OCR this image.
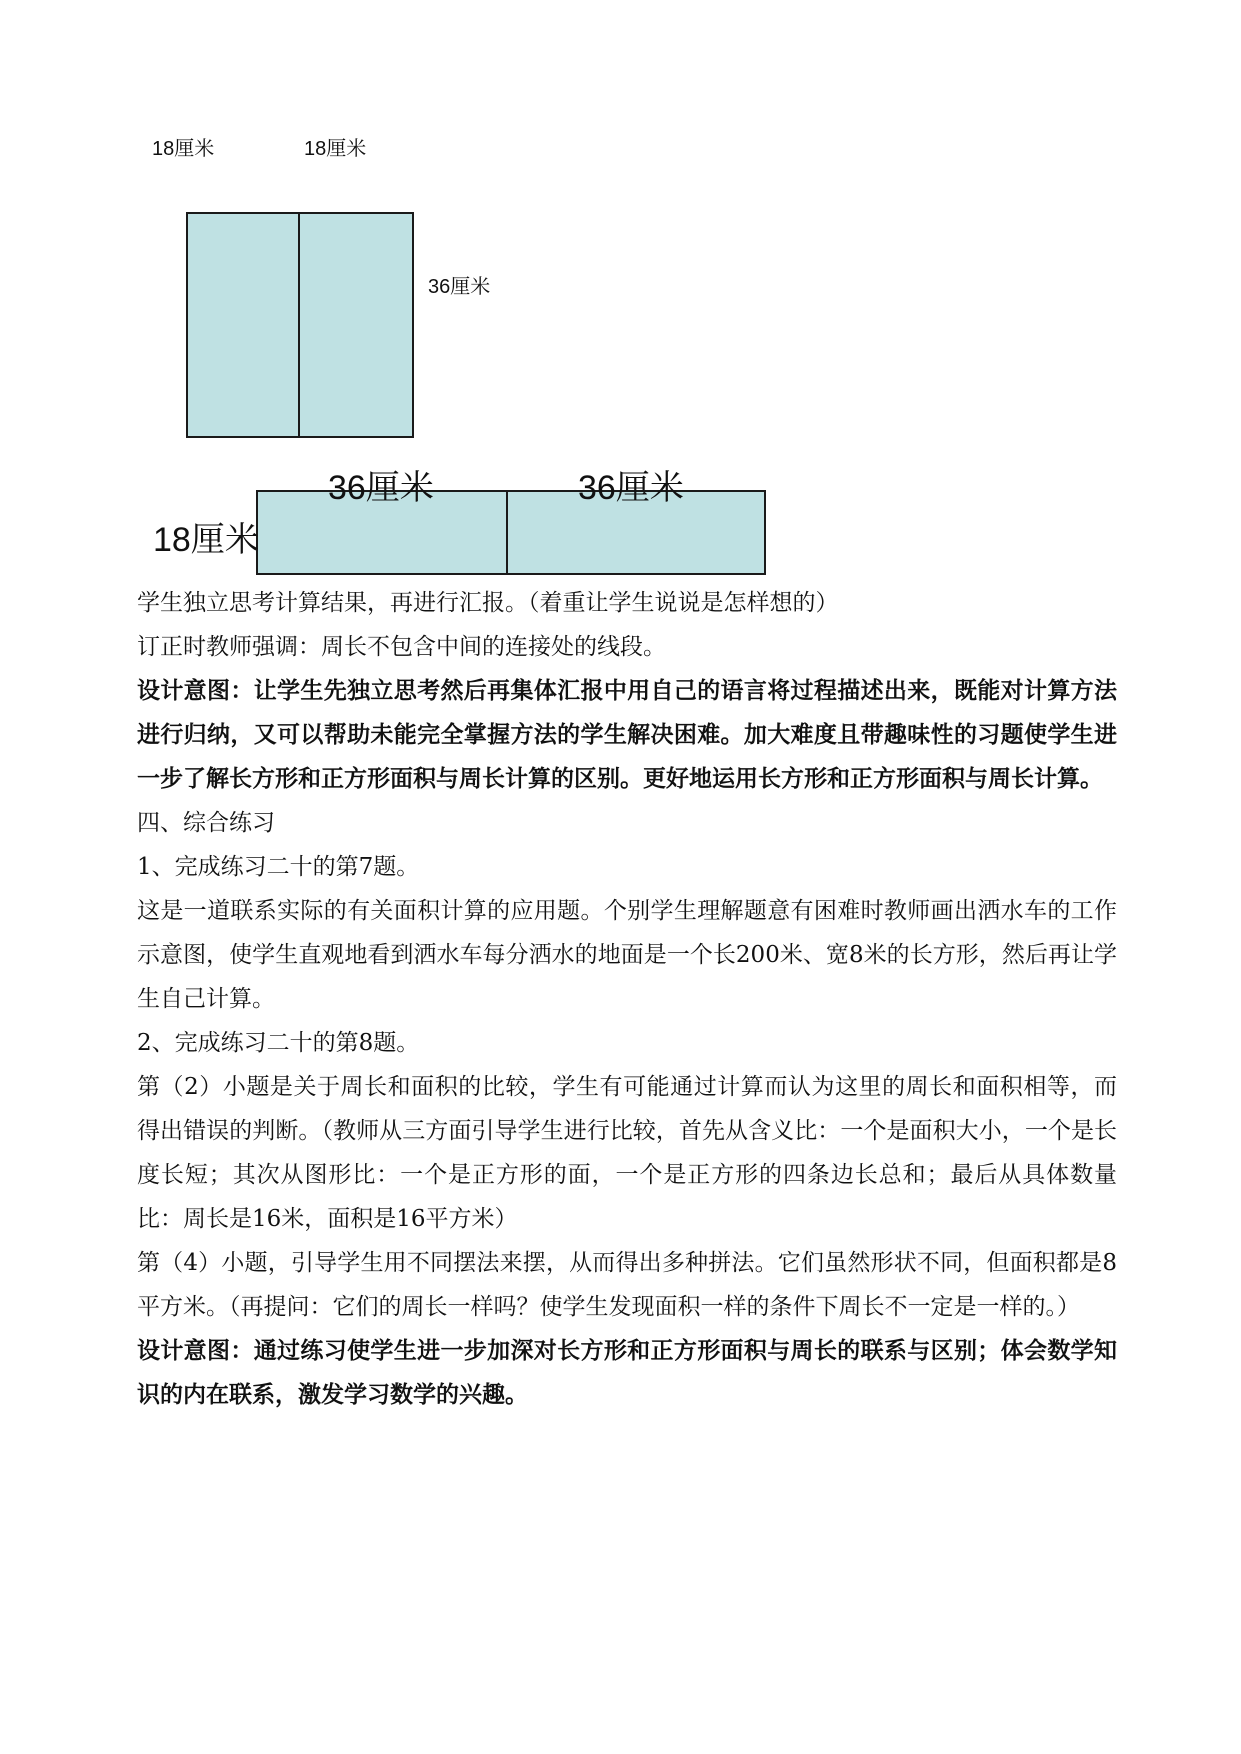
18厘米	18厘米
36厘米
36厘米	36厘米
18厘米

学生独立思考计算结果，再进行汇报。（着重让学生说说是怎样想的）

订正时教师强调：周长不包含中间的连接处的线段。

设计意图：让学生先独立思考然后再集体汇报中用自己的语言将过程描述出来，既能对计算方法进行归纳，又可以帮助未能完全掌握方法的学生解决困难。加大难度且带趣味性的习题使学生进一步了解长方形和正方形面积与周长计算的区别。更好地运用长方形和正方形面积与周长计算。

四、综合练习

1、完成练习二十的第7题。

这是一道联系实际的有关面积计算的应用题。个别学生理解题意有困难时教师画出洒水车的工作示意图，使学生直观地看到洒水车每分洒水的地面是一个长200米、宽8米的长方形，然后再让学生自己计算。

2、完成练习二十的第8题。

第（2）小题是关于周长和面积的比较，学生有可能通过计算而认为这里的周长和面积相等，而得出错误的判断。（教师从三方面引导学生进行比较，首先从含义比：一个是面积大小，一个是长度长短；其次从图形比：一个是正方形的面，一个是正方形的四条边长总和；最后从具体数量比：周长是16米，面积是16平方米）

第（4）小题，引导学生用不同摆法来摆，从而得出多种拼法。它们虽然形状不同，但面积都是8平方米。（再提问：它们的周长一样吗？使学生发现面积一样的条件下周长不一定是一样的。）

设计意图：通过练习使学生进一步加深对长方形和正方形面积与周长的联系与区别；体会数学知识的内在联系，激发学习数学的兴趣。
